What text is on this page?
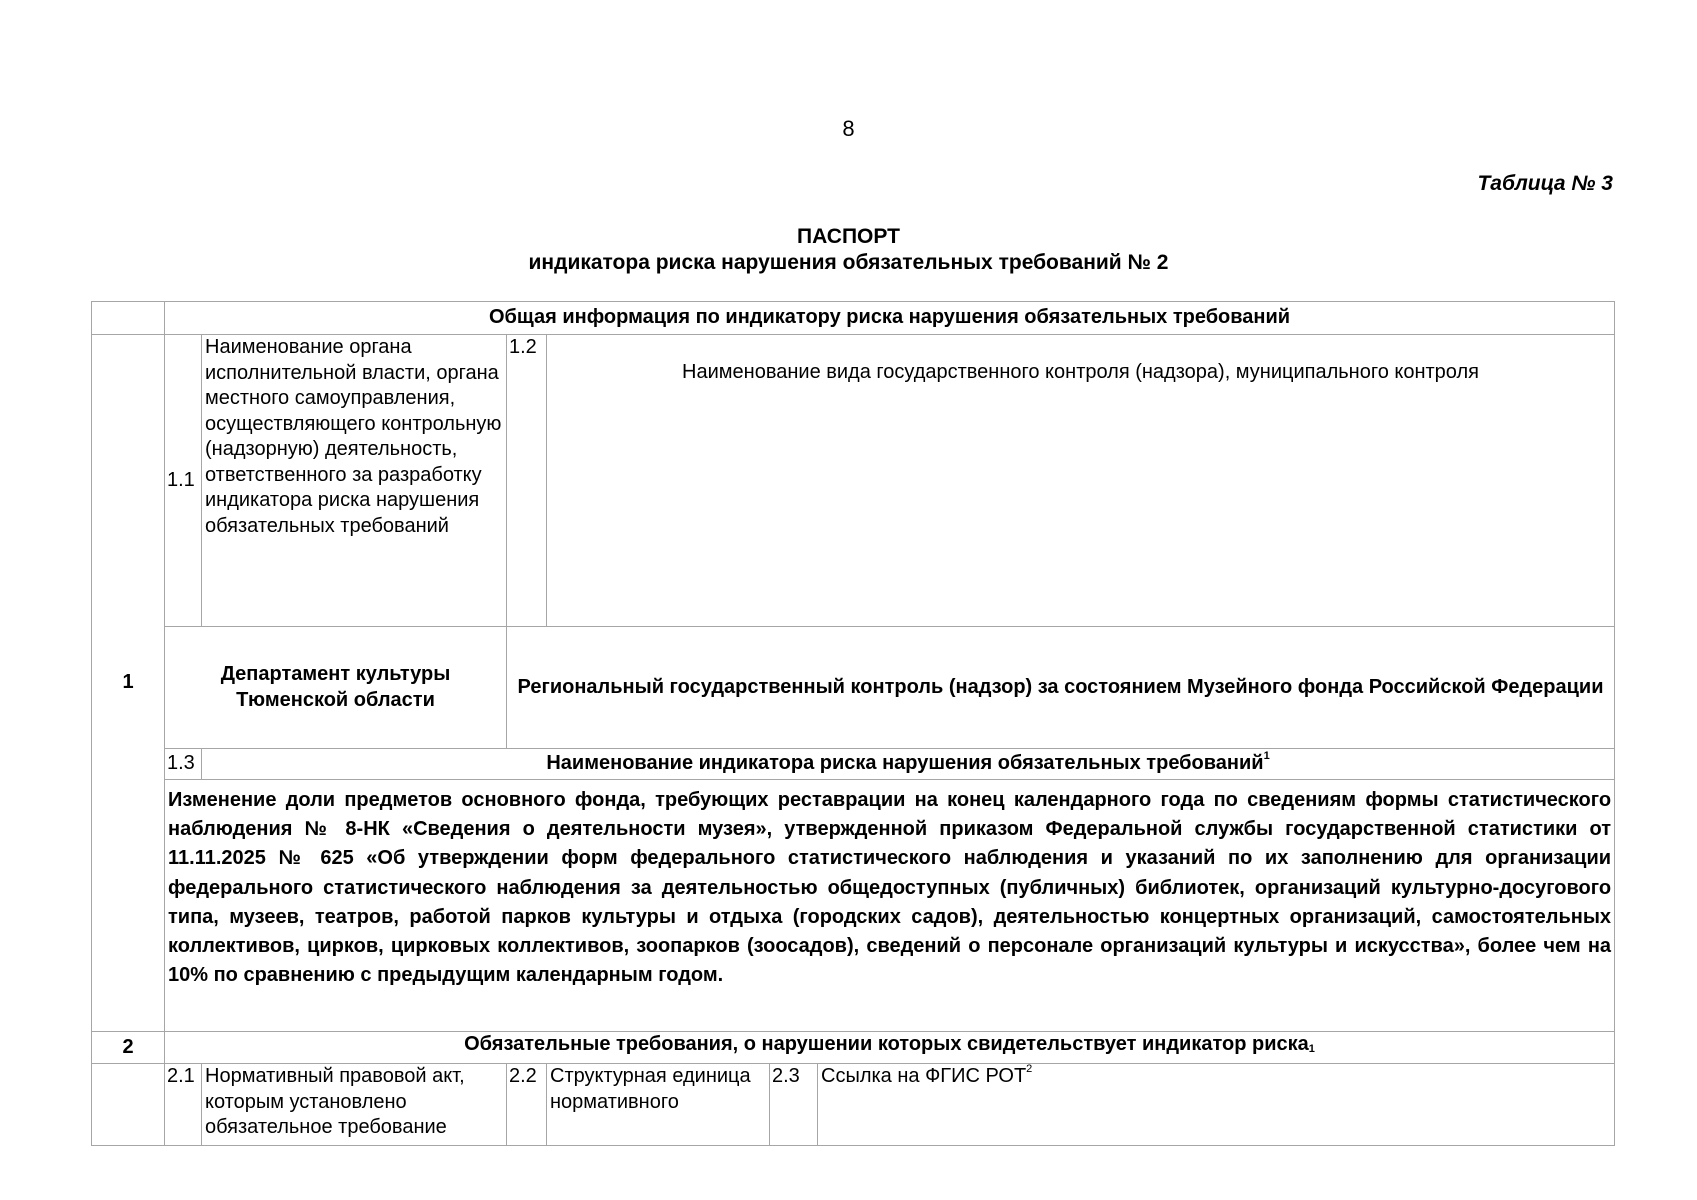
8
Таблица № 3
ПАСПОРТ
индикатора риска нарушения обязательных требований № 2
	Общая информация по индикатору риска нарушения обязательных требований					
1	1.1	Наименование органа исполнительной власти, органа местного самоуправления, осуществляющего контрольную (надзорную) деятельность, ответственного за разработку индикатора риска нарушения обязательных требований	1.2	Наименование вида государственного контроля (надзора), муниципального контроля		
	Департамент культуры Тюменской области		Региональный государственный контроль (надзор) за состоянием Музейного фонда Российской Федерации			
	1.3	Наименование индикатора риска нарушения обязательных требований$^1$
	Изменение доли предметов основного фонда, требующих реставрации на конец календарного года по сведениям формы статистического наблюдения № 8-НК «Сведения о деятельности музея», утвержденной приказом Федеральной службы государственной статистики от 11.11.2025 № 625 «Об утверждении форм федерального статистического наблюдения и указаний по их заполнению для организации федерального статистического наблюдения за деятельностью общедоступных (публичных) библиотек, организаций культурно-досугового типа, музеев, театров, работой парков культуры и отдыха (городских садов), деятельностью концертных организаций, самостоятельных коллективов, цирков, цирковых коллективов, зоопарков (зоосадов), сведений о персонале организаций культуры и искусства», более чем на 10% по сравнению с предыдущим календарным годом.					
2	Обязательные требования, о нарушении которых свидетельствует индикатор риска1					
	2.1	Нормативный правовой акт, которым установлено обязательное требование	2.2	Структурная единица нормативного	2.3	Ссылка на ФГИС РОТ$^2$
